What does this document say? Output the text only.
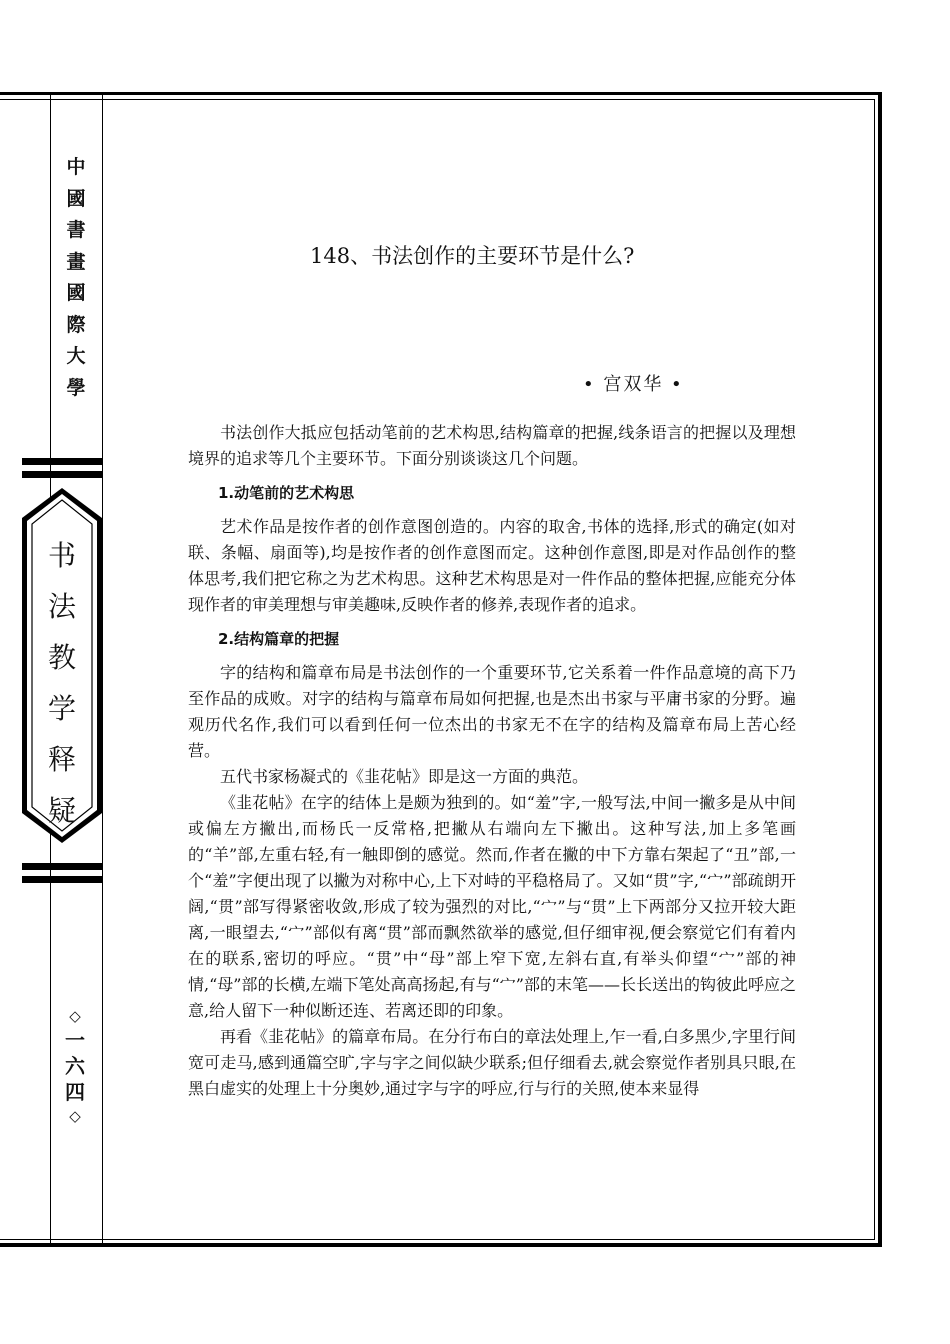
中
國
書
畫
國
際
大
學
书
法
教
学
释
疑
◇
一
六
四
◇
148、书法创作的主要环节是什么?
• 宫双华 •

书法创作大抵应包括动笔前的艺术构思,结构篇章的把握,线条语言的把握以及理想境界的追求等几个主要环节。下面分别谈谈这几个问题。

1.动笔前的艺术构思

艺术作品是按作者的创作意图创造的。内容的取舍,书体的选择,形式的确定(如对联、条幅、扇面等),均是按作者的创作意图而定。这种创作意图,即是对作品创作的整体思考,我们把它称之为艺术构思。这种艺术构思是对一件作品的整体把握,应能充分体现作者的审美理想与审美趣味,反映作者的修养,表现作者的追求。

2.结构篇章的把握

字的结构和篇章布局是书法创作的一个重要环节,它关系着一件作品意境的高下乃至作品的成败。对字的结构与篇章布局如何把握,也是杰出书家与平庸书家的分野。遍观历代名作,我们可以看到任何一位杰出的书家无不在字的结构及篇章布局上苦心经营。

五代书家杨凝式的《韭花帖》即是这一方面的典范。

《韭花帖》在字的结体上是颇为独到的。如“羞”字,一般写法,中间一撇多是从中间或偏左方撇出,而杨氏一反常格,把撇从右端向左下撇出。这种写法,加上多笔画的“羊”部,左重右轻,有一触即倒的感觉。然而,作者在撇的中下方靠右架起了“丑”部,一个“羞”字便出现了以撇为对称中心,上下对峙的平稳格局了。又如“贯”字,“宀”部疏朗开阔,“贯”部写得紧密收敛,形成了较为强烈的对比,“宀”与“贯”上下两部分又拉开较大距离,一眼望去,“宀”部似有离“贯”部而飘然欲举的感觉,但仔细审视,便会察觉它们有着内在的联系,密切的呼应。“贯”中“母”部上窄下宽,左斜右直,有举头仰望“宀”部的神情,“母”部的长横,左端下笔处高高扬起,有与“宀”部的末笔——长长送出的钩彼此呼应之意,给人留下一种似断还连、若离还即的印象。

再看《韭花帖》的篇章布局。在分行布白的章法处理上,乍一看,白多黑少,字里行间宽可走马,感到通篇空旷,字与字之间似缺少联系;但仔细看去,就会察觉作者别具只眼,在黑白虚实的处理上十分奥妙,通过字与字的呼应,行与行的关照,使本来显得
